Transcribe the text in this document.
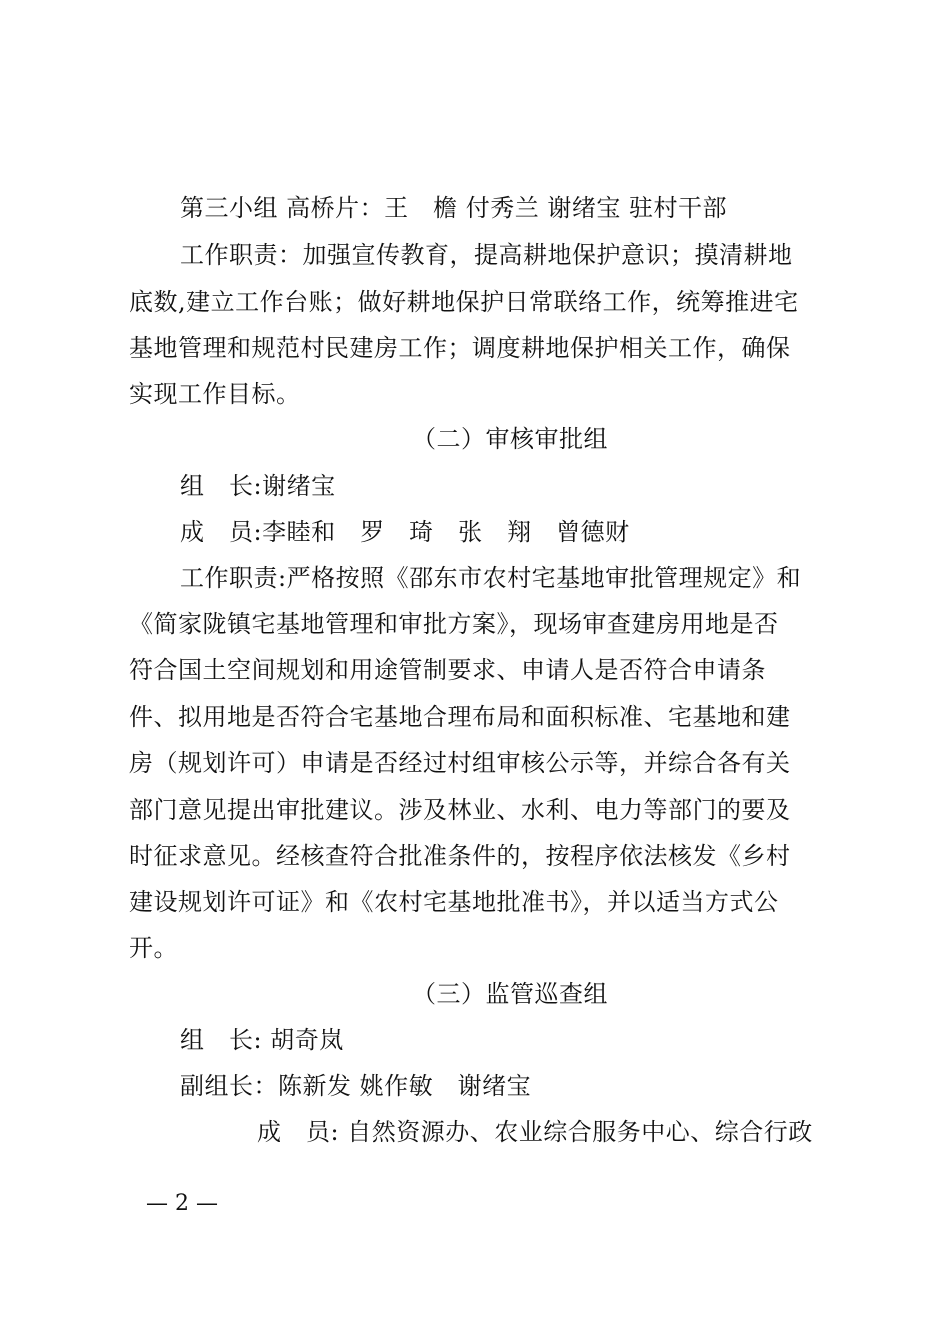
第三小组 高桥片：王　檐 付秀兰 谢绪宝 驻村干部
工作职责：加强宣传教育，提高耕地保护意识；摸清耕地
底数,建立工作台账；做好耕地保护日常联络工作，统筹推进宅
基地管理和规范村民建房工作；调度耕地保护相关工作，确保
实现工作目标。
（二）审核审批组
组　长:谢绪宝
成　员:李睦和　罗　琦　张　翔　曾德财
工作职责:严格按照《邵东市农村宅基地审批管理规定》和
《简家陇镇宅基地管理和审批方案》，现场审查建房用地是否
符合国土空间规划和用途管制要求、申请人是否符合申请条
件、拟用地是否符合宅基地合理布局和面积标准、宅基地和建
房（规划许可）申请是否经过村组审核公示等，并综合各有关
部门意见提出审批建议。涉及林业、水利、电力等部门的要及
时征求意见。经核查符合批准条件的，按程序依法核发《乡村
建设规划许可证》和《农村宅基地批准书》，并以适当方式公
开。
（三）监管巡查组
组　长: 胡奇岚
副组长：陈新发 姚作敏　谢绪宝
成　员: 自然资源办、农业综合服务中心、综合行政
— 2 —
